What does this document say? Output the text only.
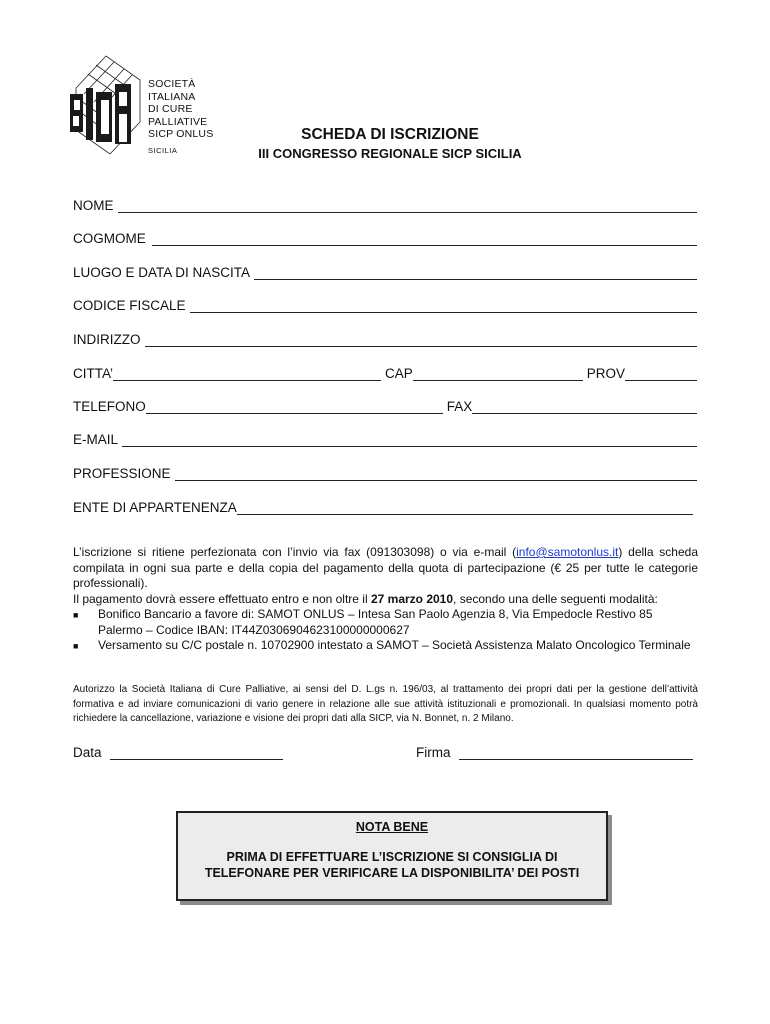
SOCIETÀ
ITALIANA
DI CURE
PALLIATIVE
SICP ONLUS
SICILIA
SCHEDA DI ISCRIZIONE
III CONGRESSO REGIONALE SICP SICILIA
NOME
COGMOME
LUOGO E DATA DI NASCITA
CODICE FISCALE
INDIRIZZO
CITTA’	CAP	PROV
TELEFONO	FAX
E-MAIL
PROFESSIONE
ENTE DI APPARTENENZA
L’iscrizione si ritiene perfezionata con l’invio via fax (091303098) o via e-mail (info@samotonlus.it) della scheda compilata in ogni sua parte e della copia del pagamento della quota di partecipazione (€ 25 per tutte le categorie professionali).
Il pagamento dovrà essere effettuato entro e non oltre il 27 marzo 2010, secondo una delle seguenti modalità:
■	Bonifico Bancario a favore di: SAMOT ONLUS – Intesa San Paolo Agenzia 8, Via Empedocle Restivo 85 Palermo – Codice IBAN: IT44Z0306904623100000000627
■	Versamento su C/C postale n. 10702900 intestato a SAMOT – Società Assistenza Malato Oncologico Terminale
Autorizzo la Società Italiana di Cure Palliative, ai sensi del D. L.gs n. 196/03, al trattamento dei propri dati per la gestione dell’attività formativa e ad inviare comunicazioni di vario genere in relazione alle sue attività istituzionali e promozionali. In qualsiasi momento potrà richiedere la cancellazione, variazione e visione dei propri dati alla SICP, via N. Bonnet, n. 2 Milano.
Data	Firma
NOTA BENE
PRIMA DI EFFETTUARE L’ISCRIZIONE SI CONSIGLIA DI
TELEFONARE PER VERIFICARE LA DISPONIBILITA’ DEI POSTI
